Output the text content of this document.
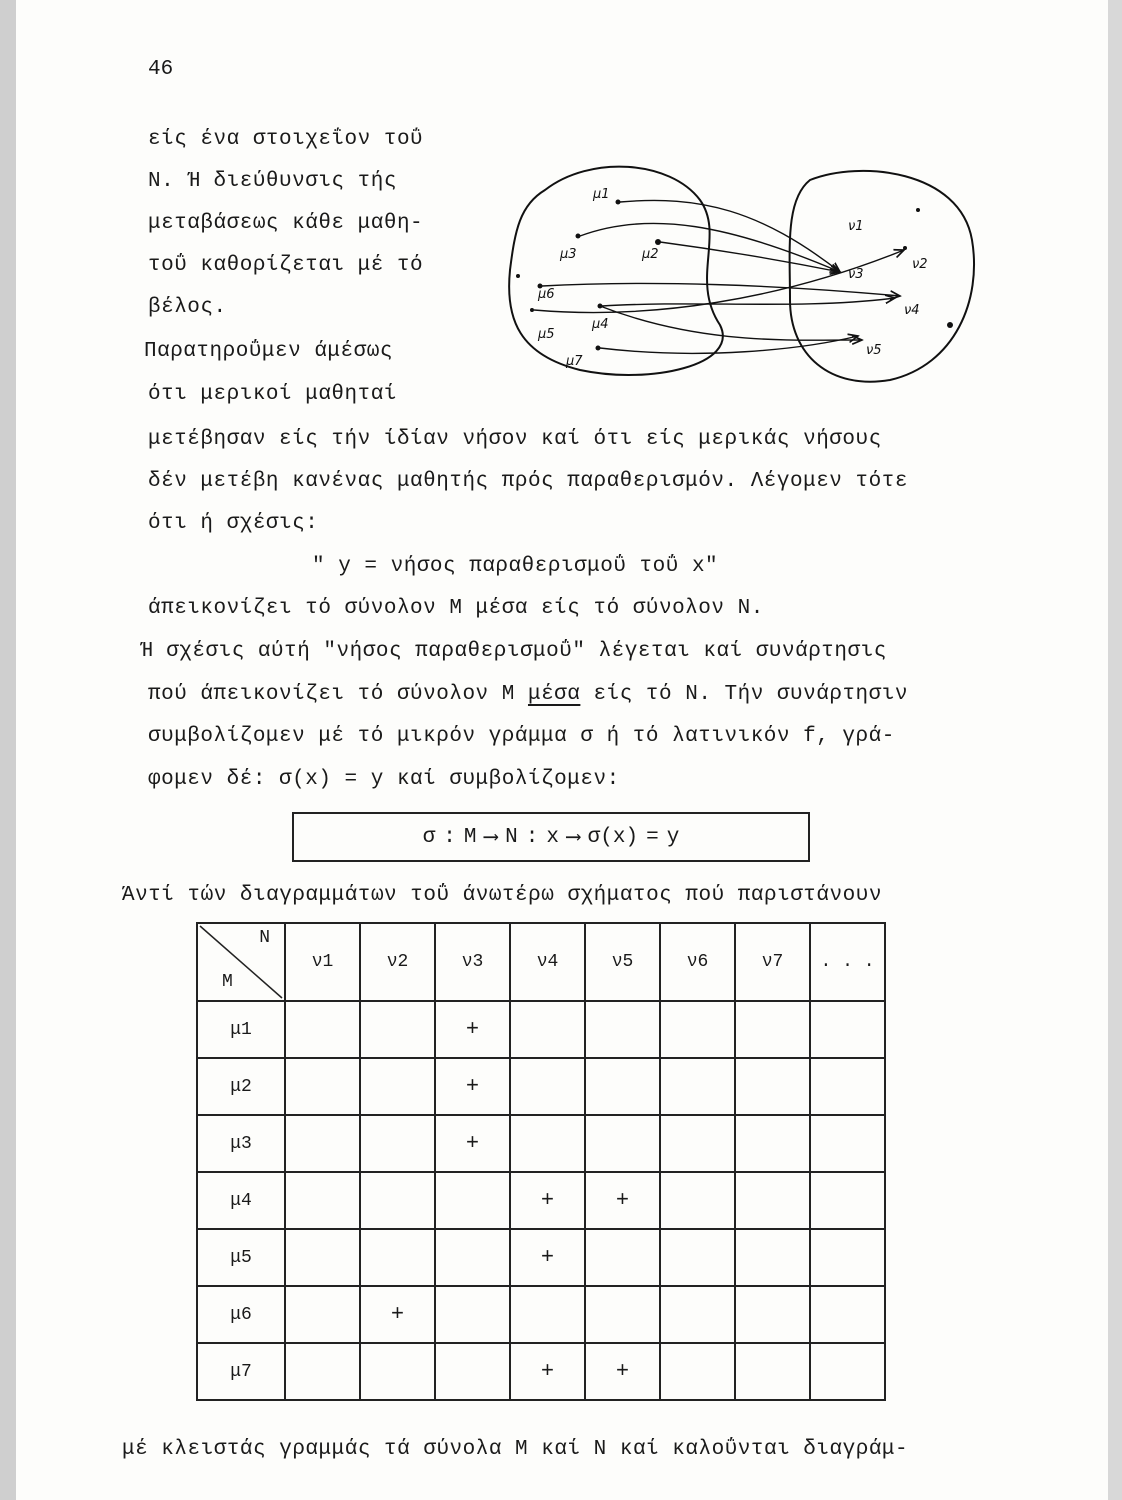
46
είς ένα στοιχεΐον τοΰ
Ν. Ή διεύθυνσις τής
μεταβάσεως κάθε μαθη-
τοΰ καθορίζεται μέ τό
βέλος.
Παρατηροΰμεν άμέσως
ότι μερικοί μαθηταί
μ1
μ2
μ3
μ4
μ5
μ6
μ7
ν1
ν2
ν3
ν4
ν5
μετέβησαν είς τήν ίδίαν νήσον καί ότι είς μερικάς νήσους
δέν μετέβη κανένας μαθητής πρός παραθερισμόν. Λέγομεν τότε
ότι ή σχέσις:
" y = νήσος παραθερισμοΰ τοΰ x"
άπεικονίζει τό σύνολον Μ μέσα είς τό σύνολον Ν.
Ή σχέσις αύτή "νήσος παραθερισμοΰ" λέγεται καί συνάρτησις
πού άπεικονίζει τό σύνολον Μ μέσα είς τό Ν. Τήν συνάρτησιν
συμβολίζομεν μέ τό μικρόν γράμμα σ ή τό λατινικόν f, γρά-
φομεν δέ: σ(x) = y καί συμβολίζομεν:
σ : Μ ⟶ Ν : x ⟶ σ(x) = y
Άντί τών διαγραμμάτων τοΰ άνωτέρω σχήματος πού παριστάνουν
N
M	ν1	ν2	ν3	ν4	ν5	ν6	ν7	. . .
μ1			+					
μ2			+					
μ3			+					
μ4				+	+			
μ5				+				
μ6		+						
μ7				+	+			
μέ κλειστάς γραμμάς τά σύνολα Μ καί Ν καί καλοΰνται διαγράμ-
